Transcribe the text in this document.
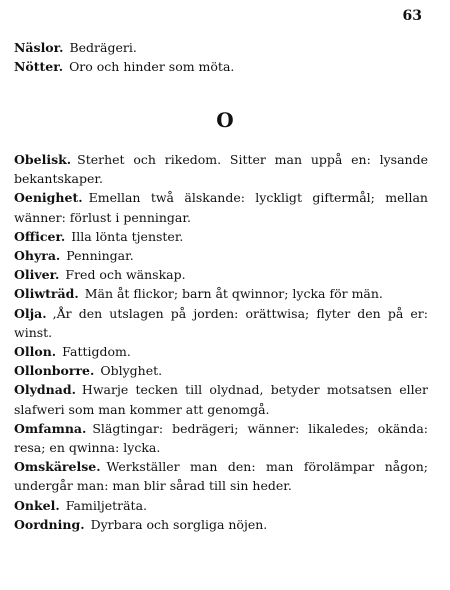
63

Näslor. Bedrägeri.

Nötter. Oro och hinder som möta.

O

Obelisk. Sterhet och rikedom. Sitter man uppå en: lysande bekantskaper.

Oenighet. Emellan twå älskande: lyckligt giftermål; mellan wänner: förlust i penningar.

Officer. Illa lönta tjenster.

Ohyra. Penningar.

Oliver. Fred och wänskap.

Oliwträd. Män åt flickor; barn åt qwinnor; lycka för män.

Olja. ,År den utslagen på jorden: orättwisa; flyter den på er: winst.

Ollon. Fattigdom.

Ollonborre. Oblyghet.

Olydnad. Hwarje tecken till olydnad, betyder motsatsen eller slafweri som man kommer att genomgå.

Omfamna. Slägtingar: bedrägeri; wänner: likaledes; okända: resa; en qwinna: lycka.

Omskärelse. Werkställer man den: man förolämpar någon; undergår man: man blir sårad till sin heder.

Onkel. Familjeträta.

Oordning. Dyrbara och sorgliga nöjen.
